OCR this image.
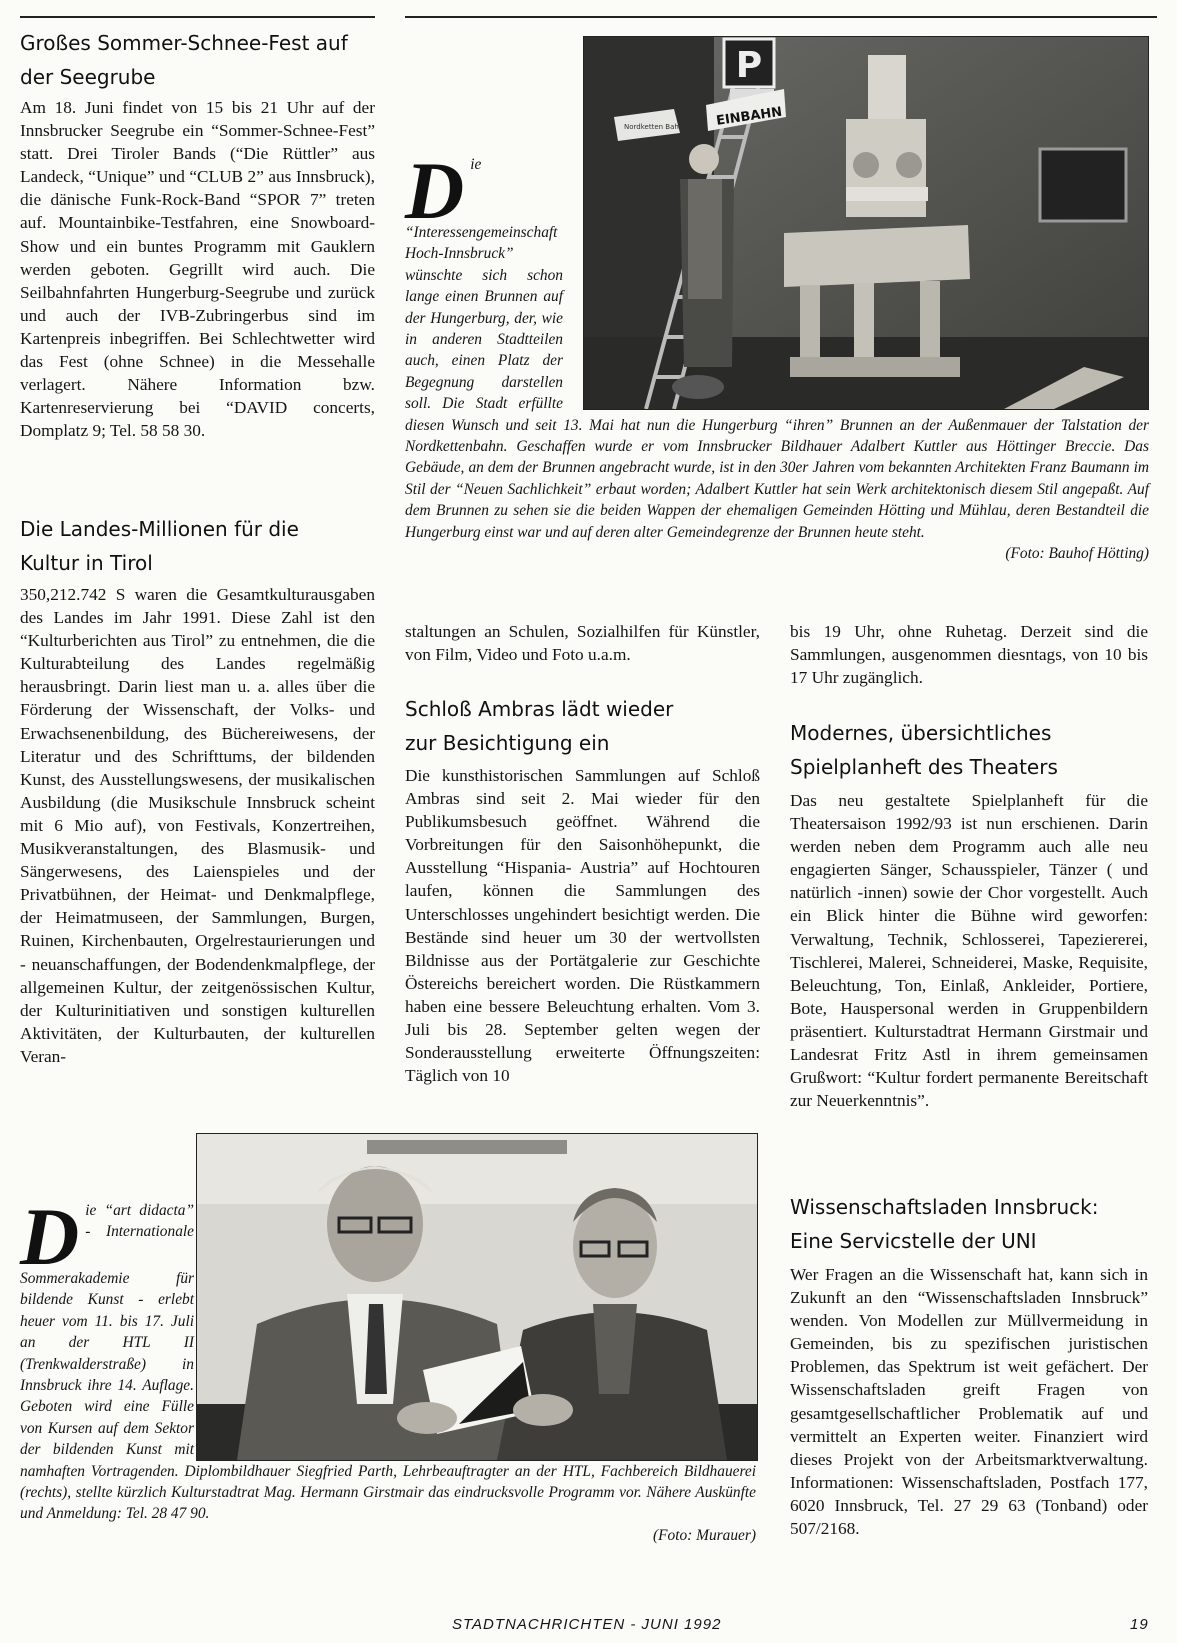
Großes Sommer-Schnee-Fest auf der Seegrube

Am 18. Juni findet von 15 bis 21 Uhr auf der Innsbrucker Seegrube ein “Sommer-Schnee-Fest” statt. Drei Tiroler Bands (“Die Rüttler” aus Landeck, “Unique” und “CLUB 2” aus Innsbruck), die dänische Funk-Rock-Band “SPOR 7” treten auf. Mountainbike-Testfahren, eine Snowboard-Show und ein buntes Programm mit Gauklern werden geboten. Gegrillt wird auch. Die Seilbahnfahrten Hungerburg-Seegrube und zurück und auch der IVB-Zubringerbus sind im Kartenpreis inbegriffen. Bei Schlechtwetter wird das Fest (ohne Schnee) in die Messehalle verlagert. Nähere Information bzw. Kartenreservierung bei “DAVID concerts, Domplatz 9; Tel. 58 58 30.

Die Landes-Millionen für die Kultur in Tirol

350,212.742 S waren die Gesamtkulturausgaben des Landes im Jahr 1991. Diese Zahl ist den “Kulturberichten aus Tirol” zu entnehmen, die die Kulturabteilung des Landes regelmäßig herausbringt. Darin liest man u. a. alles über die Förderung der Wissenschaft, der Volks- und Erwachsenenbildung, des Büchereiwesens, der Literatur und des Schrifttums, der bildenden Kunst, des Ausstellungswesens, der musikalischen Ausbildung (die Musikschule Innsbruck scheint mit 6 Mio auf), von Festivals, Konzertreihen, Musikveranstaltungen, des Blasmusik- und Sängerwesens, des Laienspieles und der Privatbühnen, der Heimat- und Denkmalpflege, der Heimatmuseen, der Sammlungen, Burgen, Ruinen, Kirchenbauten, Orgelrestaurierungen und - neuanschaffungen, der Bodendenkmalpflege, der allgemeinen Kultur, der zeitgenössischen Kultur, der Kulturinitiativen und sonstigen kulturellen Aktivitäten, der Kulturbauten, der kulturellen Veran-

P
Nordketten Bahn EINBAHN
D ie “Interessengemeinschaft Hoch-Innsbruck” wünschte sich schon lange einen Brunnen auf der Hungerburg, der, wie in anderen Stadtteilen auch, einen Platz der Begegnung darstellen soll. Die Stadt erfüllte diesen Wunsch und seit 13. Mai hat nun die Hungerburg “ihren” Brunnen an der Außenmauer der Talstation der Nordkettenbahn. Geschaffen wurde er vom Innsbrucker Bildhauer Adalbert Kuttler aus Höttinger Breccie. Das Gebäude, an dem der Brunnen angebracht wurde, ist in den 30er Jahren vom bekannten Architekten Franz Baumann im Stil der “Neuen Sachlichkeit” erbaut worden; Adalbert Kuttler hat sein Werk architektonisch diesem Stil angepaßt. Auf dem Brunnen zu sehen sie die beiden Wappen der ehemaligen Gemeinden Hötting und Mühlau, deren Bestandteil die Hungerburg einst war und auf deren alter Gemeindegrenze der Brunnen heute steht.
(Foto: Bauhof Hötting)

staltungen an Schulen, Sozialhilfen für Künstler, von Film, Video und Foto u.a.m.

Schloß Ambras lädt wieder zur Besichtigung ein

Die kunsthistorischen Sammlungen auf Schloß Ambras sind seit 2. Mai wieder für den Publikumsbesuch geöffnet. Während die Vorbreitungen für den Saisonhöhepunkt, die Ausstellung “Hispania- Austria” auf Hochtouren laufen, können die Sammlungen des Unterschlosses ungehindert besichtigt werden. Die Bestände sind heuer um 30 der wertvollsten Bildnisse aus der Portätgalerie zur Geschichte Östereichs bereichert worden. Die Rüstkammern haben eine bessere Beleuchtung erhalten. Vom 3. Juli bis 28. September gelten wegen der Sonderausstellung erweiterte Öffnungszeiten: Täglich von 10

bis 19 Uhr, ohne Ruhetag. Derzeit sind die Sammlungen, ausgenommen diesntags, von 10 bis 17 Uhr zugänglich.

Modernes, übersichtliches Spielplanheft des Theaters

Das neu gestaltete Spielplanheft für die Theatersaison 1992/93 ist nun erschienen. Darin werden neben dem Programm auch alle neu engagierten Sänger, Schausspieler, Tänzer ( und natürlich -innen) sowie der Chor vorgestellt. Auch ein Blick hinter die Bühne wird geworfen: Verwaltung, Technik, Schlosserei, Tapeziererei, Tischlerei, Malerei, Schneiderei, Maske, Requisite, Beleuchtung, Ton, Einlaß, Ankleider, Portiere, Bote, Hauspersonal werden in Gruppenbildern präsentiert. Kulturstadtrat Hermann Girstmair und Landesrat Fritz Astl in ihrem gemeinsamen Grußwort: “Kultur fordert permanente Bereitschaft zur Neuerkenntnis”.

Wissenschaftsladen Innsbruck: Eine Servicstelle der UNI

Wer Fragen an die Wissenschaft hat, kann sich in Zukunft an den “Wissenschaftsladen Innsbruck” wenden. Von Modellen zur Müllvermeidung in Gemeinden, bis zu spezifischen juristischen Problemen, das Spektrum ist weit gefächert. Der Wissenschaftsladen greift Fragen von gesamtgesellschaftlicher Problematik auf und vermittelt an Experten weiter. Finanziert wird dieses Projekt von der Arbeitsmarktverwaltung. Informationen: Wissenschaftsladen, Postfach 177, 6020 Innsbruck, Tel. 27 29 63 (Tonband) oder 507/2168.

D ie “art didacta” - Internationale Sommerakademie für bildende Kunst - erlebt heuer vom 11. bis 17. Juli an der HTL II (Trenkwalderstraße) in Innsbruck ihre 14. Auflage. Geboten wird eine Fülle von Kursen auf dem Sektor der bildenden Kunst mit namhaften Vortragenden. Diplombildhauer Siegfried Parth, Lehrbeauftragter an der HTL, Fachbereich Bildhauerei (rechts), stellte kürzlich Kulturstadtrat Mag. Hermann Girstmair das eindrucksvolle Programm vor. Nähere Auskünfte und Anmeldung: Tel. 28 47 90.
(Foto: Murauer)
STADTNACHRICHTEN - JUNI 1992	19
